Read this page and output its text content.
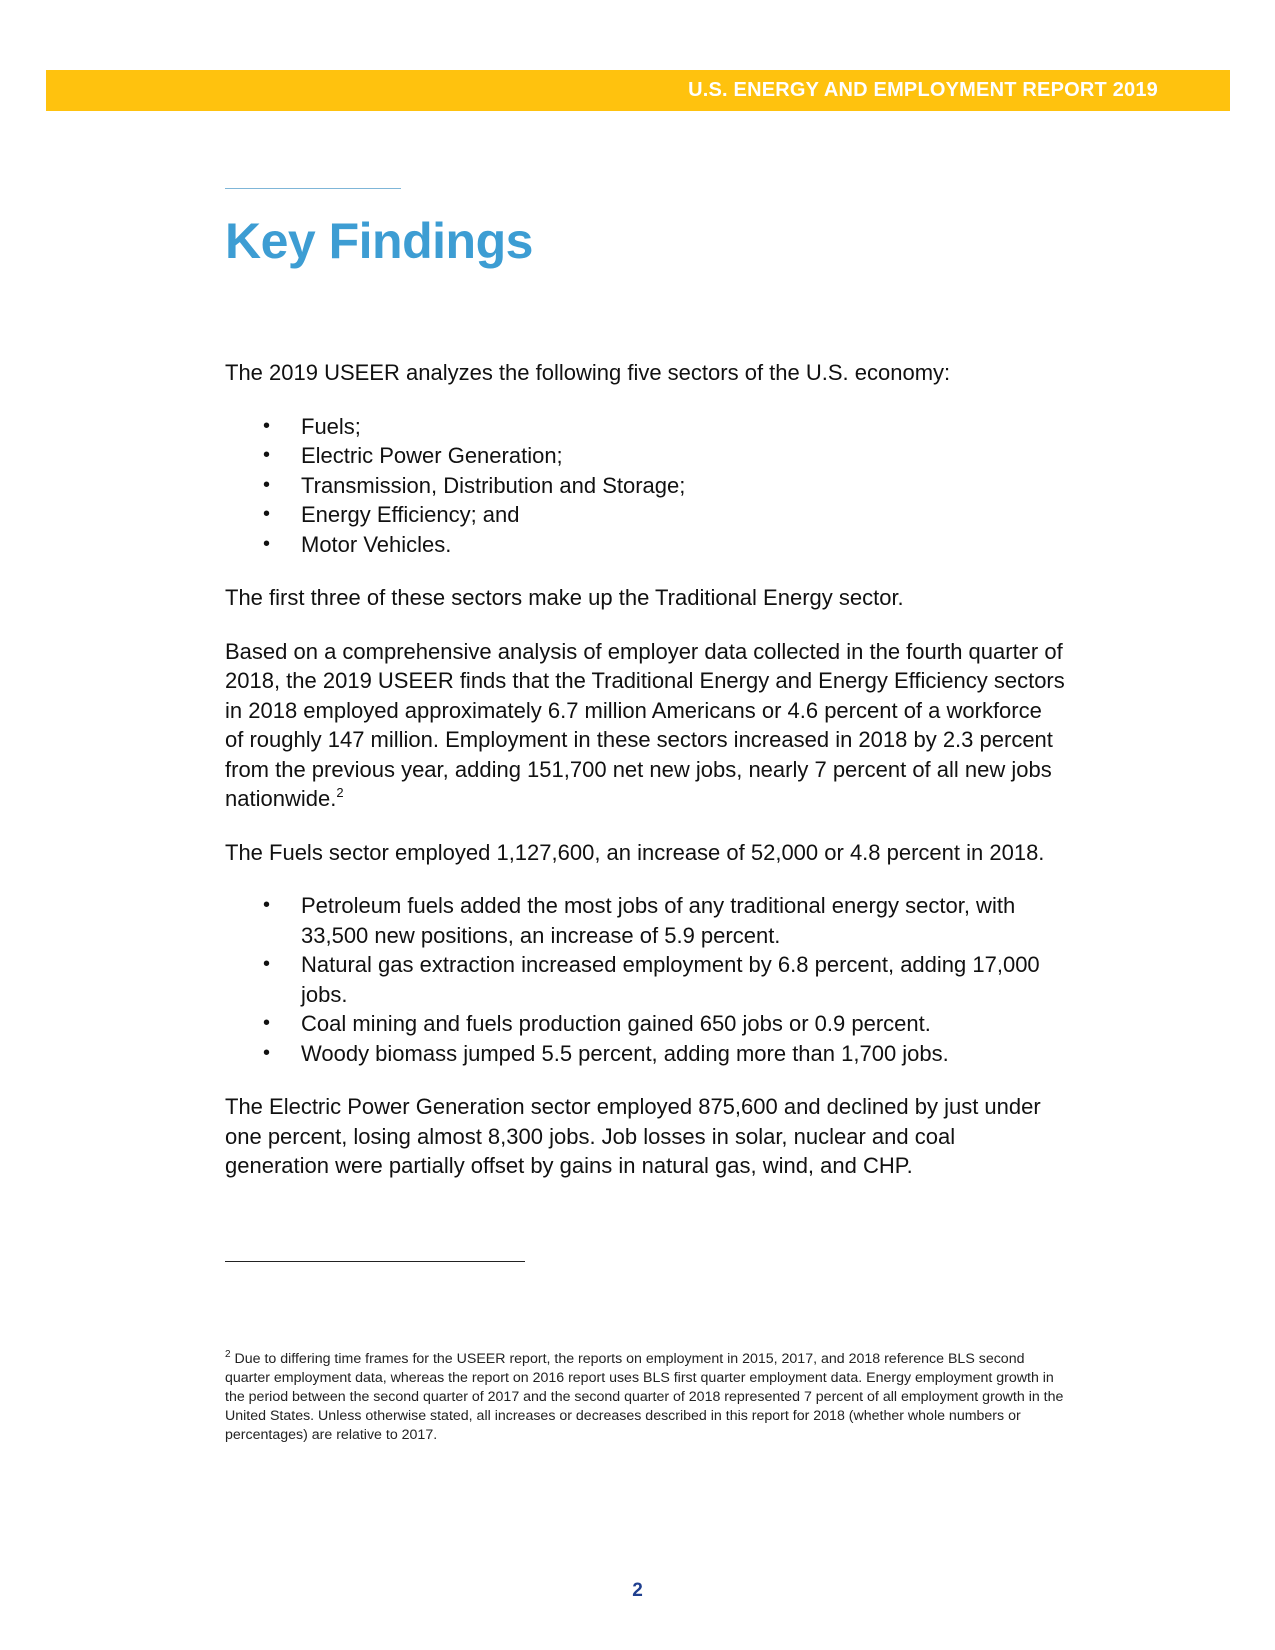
U.S. ENERGY AND EMPLOYMENT REPORT 2019
Key Findings

The 2019 USEER analyzes the following five sectors of the U.S. economy:

• Fuels;
• Electric Power Generation;
• Transmission, Distribution and Storage;
• Energy Efficiency; and
• Motor Vehicles.

The first three of these sectors make up the Traditional Energy sector.

Based on a comprehensive analysis of employer data collected in the fourth quarter of 2018, the 2019 USEER finds that the Traditional Energy and Energy Efficiency sectors in 2018 employed approximately 6.7 million Americans or 4.6 percent of a workforce of roughly 147 million. Employment in these sectors increased in 2018 by 2.3 percent from the previous year, adding 151,700 net new jobs, nearly 7 percent of all new jobs nationwide.$^2$

The Fuels sector employed 1,127,600, an increase of 52,000 or 4.8 percent in 2018.

• Petroleum fuels added the most jobs of any traditional energy sector, with 33,500 new positions, an increase of 5.9 percent.
• Natural gas extraction increased employment by 6.8 percent, adding 17,000 jobs.
• Coal mining and fuels production gained 650 jobs or 0.9 percent.
• Woody biomass jumped 5.5 percent, adding more than 1,700 jobs.

The Electric Power Generation sector employed 875,600 and declined by just under one percent, losing almost 8,300 jobs. Job losses in solar, nuclear and coal generation were partially offset by gains in natural gas, wind, and CHP.

$^2$ Due to differing time frames for the USEER report, the reports on employment in 2015, 2017, and 2018 reference BLS second quarter employment data, whereas the report on 2016 report uses BLS first quarter employment data. Energy employment growth in the period between the second quarter of 2017 and the second quarter of 2018 represented 7 percent of all employment growth in the United States. Unless otherwise stated, all increases or decreases described in this report for 2018 (whether whole numbers or percentages) are relative to 2017.
2
